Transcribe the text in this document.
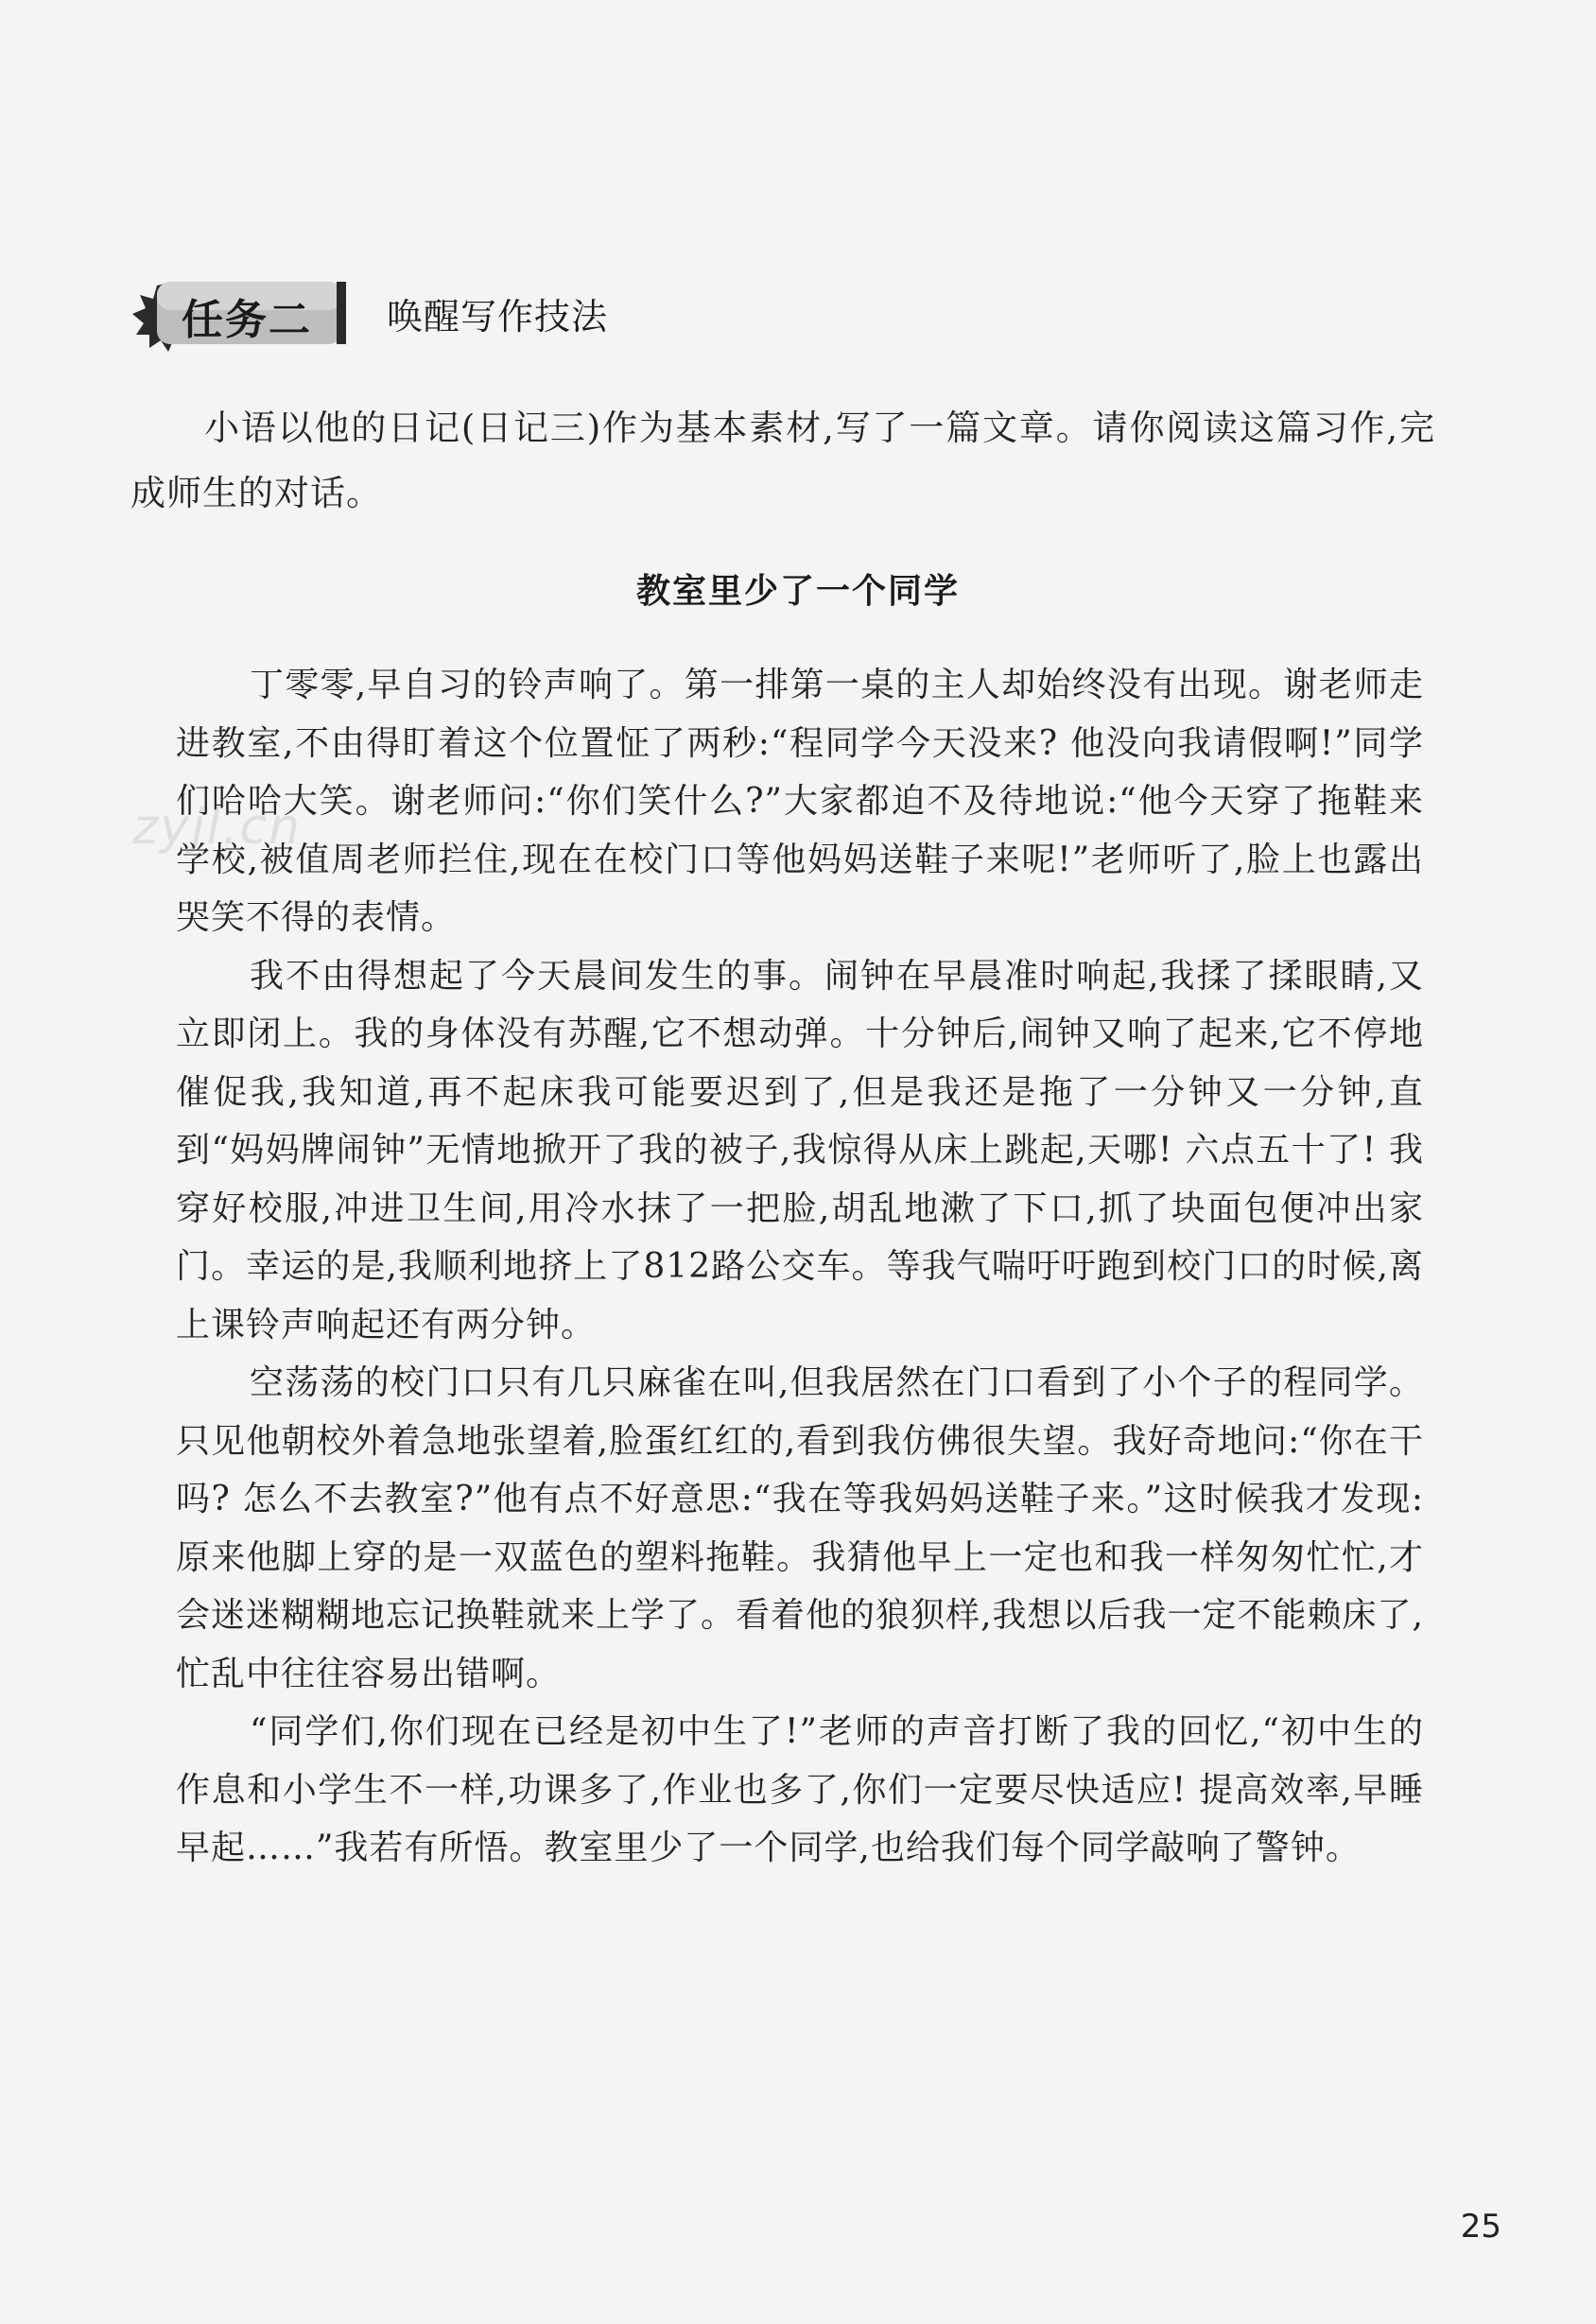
任务二 唤醒写作技法
小语以他的日记(日记三)作为基本素材,写了一篇文章。请你阅读这篇习作,完成师生的对话。
教室里少了一个同学

丁零零,早自习的铃声响了。第一排第一桌的主人却始终没有出现。谢老师走进教室,不由得盯着这个位置怔了两秒:“程同学今天没来? 他没向我请假啊!”同学们哈哈大笑。谢老师问:“你们笑什么?”大家都迫不及待地说:“他今天穿了拖鞋来学校,被值周老师拦住,现在在校门口等他妈妈送鞋子来呢!”老师听了,脸上也露出哭笑不得的表情。

我不由得想起了今天晨间发生的事。闹钟在早晨准时响起,我揉了揉眼睛,又立即闭上。我的身体没有苏醒,它不想动弹。十分钟后,闹钟又响了起来,它不停地催促我,我知道,再不起床我可能要迟到了,但是我还是拖了一分钟又一分钟,直到“妈妈牌闹钟”无情地掀开了我的被子,我惊得从床上跳起,天哪! 六点五十了! 我穿好校服,冲进卫生间,用冷水抹了一把脸,胡乱地漱了下口,抓了块面包便冲出家门。幸运的是,我顺利地挤上了812路公交车。等我气喘吁吁跑到校门口的时候,离上课铃声响起还有两分钟。

空荡荡的校门口只有几只麻雀在叫,但我居然在门口看到了小个子的程同学。只见他朝校外着急地张望着,脸蛋红红的,看到我仿佛很失望。我好奇地问:“你在干吗? 怎么不去教室?”他有点不好意思:“我在等我妈妈送鞋子来。”这时候我才发现:原来他脚上穿的是一双蓝色的塑料拖鞋。我猜他早上一定也和我一样匆匆忙忙,才会迷迷糊糊地忘记换鞋就来上学了。看着他的狼狈样,我想以后我一定不能赖床了,忙乱中往往容易出错啊。

“同学们,你们现在已经是初中生了!”老师的声音打断了我的回忆,“初中生的作息和小学生不一样,功课多了,作业也多了,你们一定要尽快适应! 提高效率,早睡早起……”我若有所悟。教室里少了一个同学,也给我们每个同学敲响了警钟。

zyjl.cn
25
